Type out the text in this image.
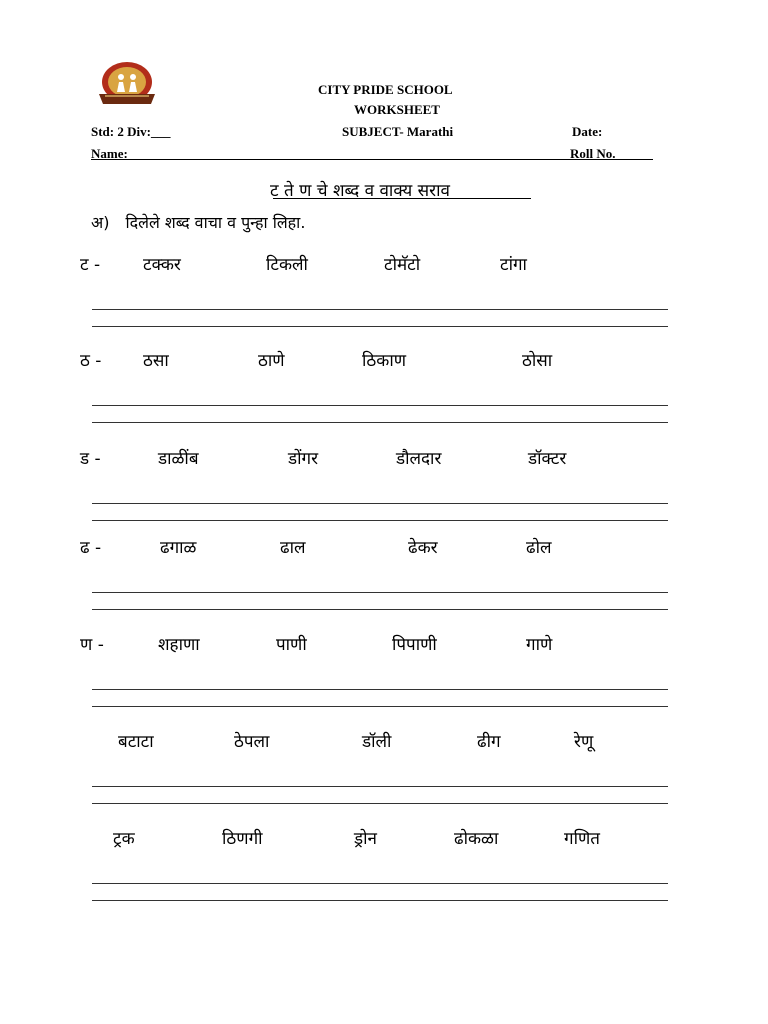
CITY PRIDE SCHOOL
WORKSHEET
Std: 2 Div:___	SUBJECT- Marathi	Date:
Name:	Roll No.
ट ते ण चे शब्द व वाक्य सराव
अ) दिलेले शब्द वाचा व पुन्हा लिहा.
ट -	टक्कर	टिकली	टोमॅटो	टांगा
ठ - ठसा	ठाणे	ठिकाण	ठोसा
ड -	डाळींब	डोंगर	डौलदार	डॉक्टर
ढ -	ढगाळ	ढाल	ढेकर	ढोल
ण -	शहाणा	पाणी	पिपाणी	गाणे
बटाटा	ठेपला	डॉली	ढीग	रेणू
ट्रक	ठिणगी	ड्रोन	ढोकळा	गणित
